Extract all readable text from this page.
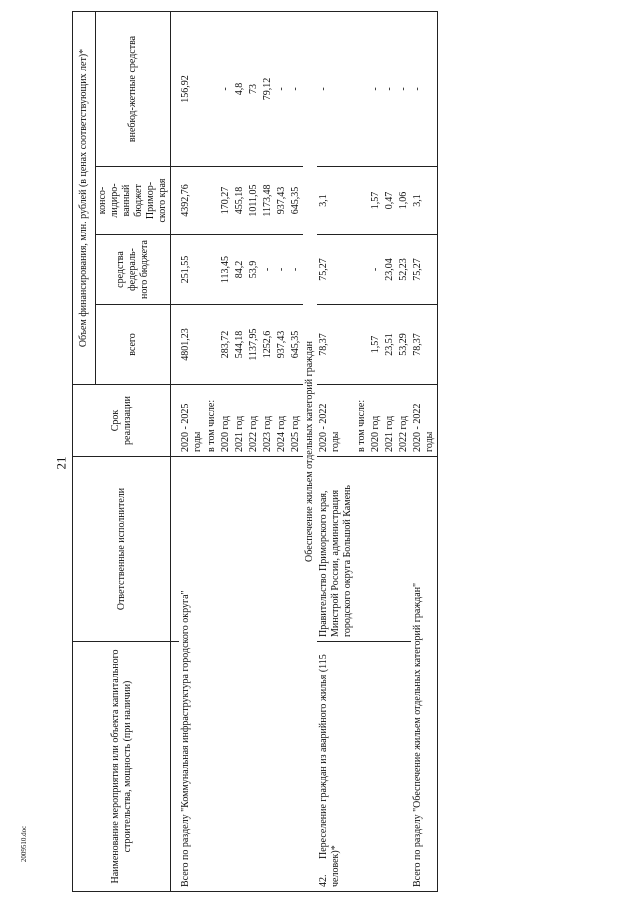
21
2009510.doc	Наименование мероприятия или объекта капитального строительства, мощность (при наличии)	Ответственные исполнители	Срок реализации	Объем финансирования, млн. рублей (в ценах соответствующих лет)*			
			всего	средства федераль-ного бюджета	консо-лидиро-ванный бюджет Примор-ского края	внебюд-жетные средства

Всего по разделу "Коммунальная инфраструктура городского округа"		2020 - 2025 годы	4801,23	251,55	4392,76	156,92
		в том числе:				
		2020 год	283,72	113,45	170,27	-
		2021 год	544,18	84,2	455,18	4,8
		2022 год	1137,95	53,9	1011,05	73
		2023 год	1252,6	-	1173,48	79,12
		2024 год	937,43	-	937,43	-
		2025 год	645,35	-	645,35	-
Обеспечение жильем отдельных категорий граждан						
42.Переселение граждан из аварийного жилья (115 человек)*	Правительство Приморского края, Минстрой России, администрация городского округа Большой Камень	2020 - 2022 годы	78,37	75,27	3,1	-
		в том числе:				
		2020 год	1,57	-	1,57	-
		2021 год	23,51	23,04	0,47	-
		2022 год	53,29	52,23	1,06	-
Всего по разделу "Обеспечение жильем отдельных категорий граждан"		2020 - 2022 годы	78,37	75,27	3,1	-
